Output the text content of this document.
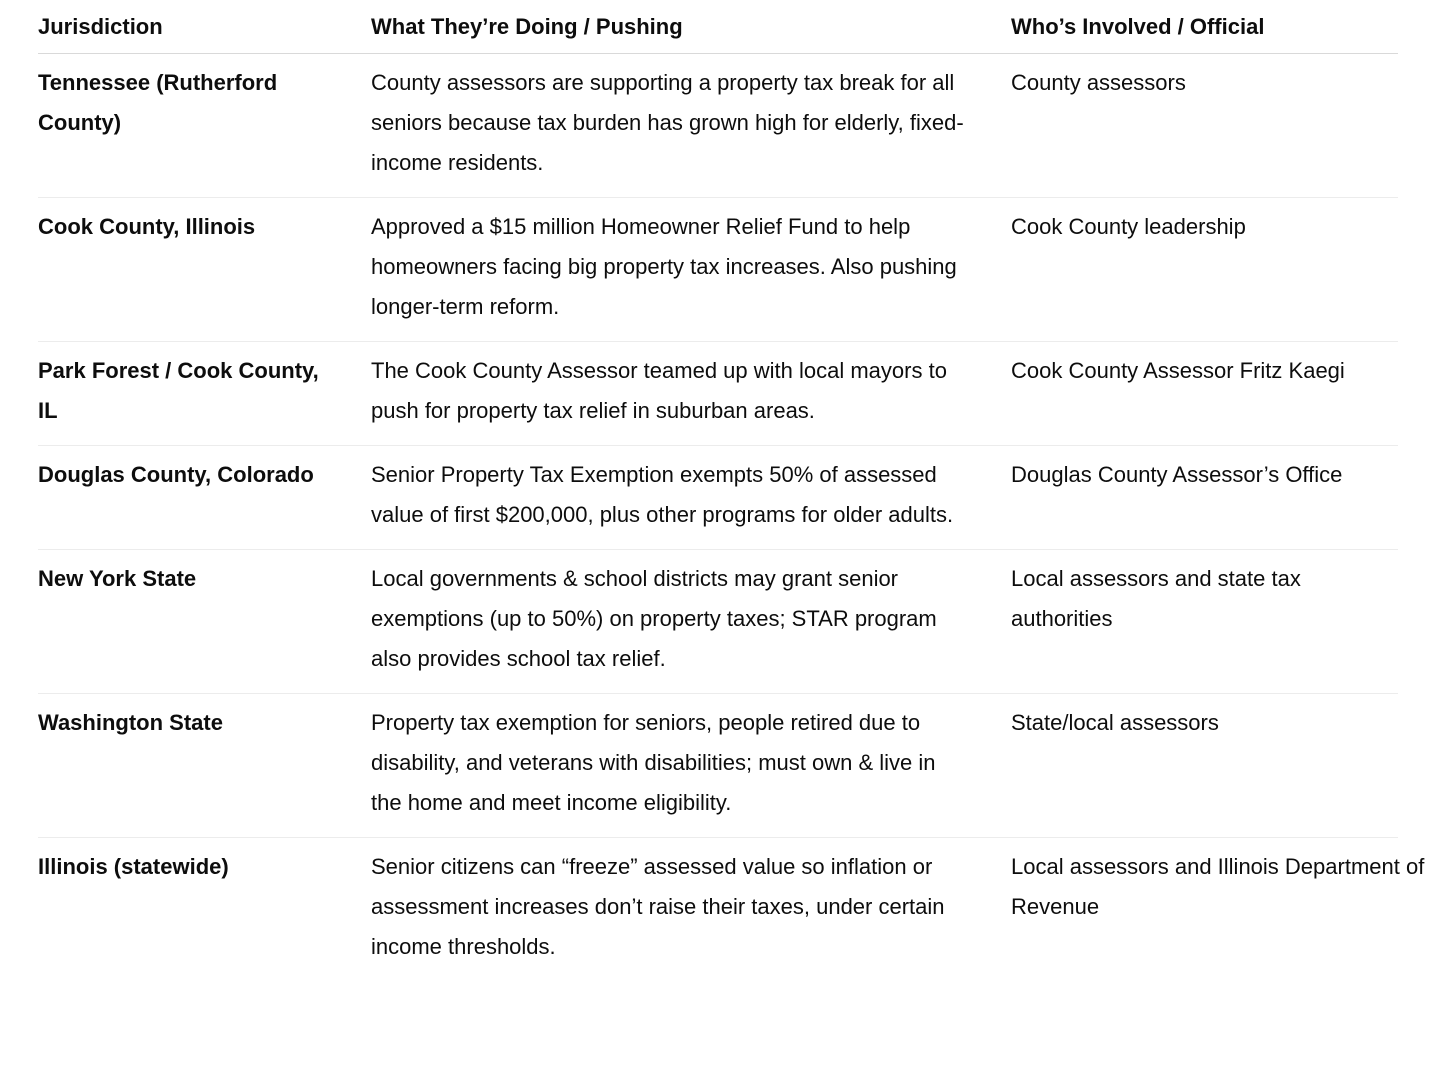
Jurisdiction	What They’re Doing / Pushing	Who’s Involved / Official
Tennessee (Rutherford County)	County assessors are supporting a property tax break for all seniors because tax burden has grown high for elderly, fixed-income residents.	County assessors

Cook County, Illinois	Approved a $15 million Homeowner Relief Fund to help homeowners facing big property tax increases. Also pushing longer-term reform.	Cook County leadership

Park Forest / Cook County, IL	The Cook County Assessor teamed up with local mayors to push for property tax relief in suburban areas.	Cook County Assessor Fritz Kaegi

Douglas County, Colorado	Senior Property Tax Exemption exempts 50% of assessed value of first $200,000, plus other programs for older adults.	Douglas County Assessor’s Office

New York State	Local governments & school districts may grant senior exemptions (up to 50%) on property taxes; STAR program also provides school tax relief.	Local assessors and state tax authorities

Washington State	Property tax exemption for seniors, people retired due to disability, and veterans with disabilities; must own & live in the home and meet income eligibility.	State/local assessors

Illinois (statewide)	Senior citizens can “freeze” assessed value so inflation or assessment increases don’t raise their taxes, under certain income thresholds.	Local assessors and Illinois Department of Revenue
